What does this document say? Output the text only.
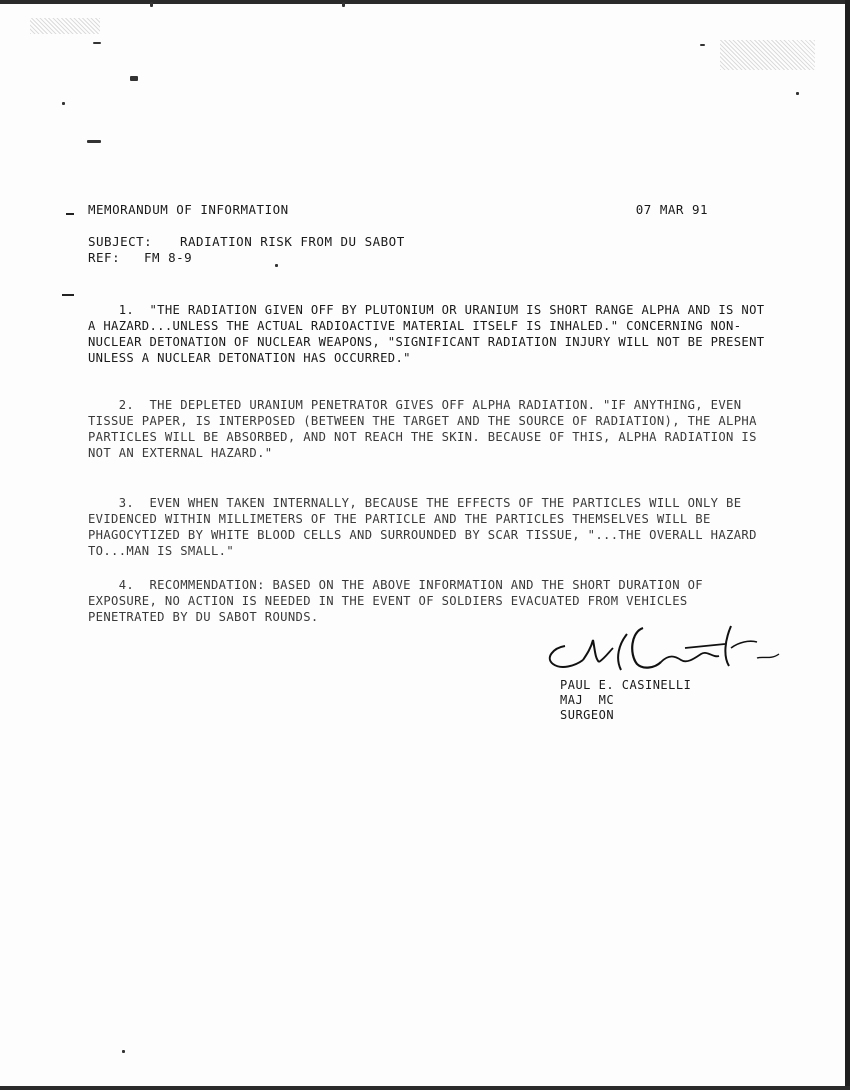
MEMORANDUM OF INFORMATION	07 MAR 91
SUBJECT: RADIATION RISK FROM DU SABOT
REF: FM 8-9

1. "THE RADIATION GIVEN OFF BY PLUTONIUM OR URANIUM IS SHORT RANGE ALPHA AND IS NOT A HAZARD...UNLESS THE ACTUAL RADIOACTIVE MATERIAL ITSELF IS INHALED." CONCERNING NON-NUCLEAR DETONATION OF NUCLEAR WEAPONS, "SIGNIFICANT RADIATION INJURY WILL NOT BE PRESENT UNLESS A NUCLEAR DETONATION HAS OCCURRED."

2. THE DEPLETED URANIUM PENETRATOR GIVES OFF ALPHA RADIATION. "IF ANYTHING, EVEN TISSUE PAPER, IS INTERPOSED (BETWEEN THE TARGET AND THE SOURCE OF RADIATION), THE ALPHA PARTICLES WILL BE ABSORBED, AND NOT REACH THE SKIN. BECAUSE OF THIS, ALPHA RADIATION IS NOT AN EXTERNAL HAZARD."

3. EVEN WHEN TAKEN INTERNALLY, BECAUSE THE EFFECTS OF THE PARTICLES WILL ONLY BE EVIDENCED WITHIN MILLIMETERS OF THE PARTICLE AND THE PARTICLES THEMSELVES WILL BE PHAGOCYTIZED BY WHITE BLOOD CELLS AND SURROUNDED BY SCAR TISSUE, "...THE OVERALL HAZARD TO...MAN IS SMALL."

4. RECOMMENDATION: BASED ON THE ABOVE INFORMATION AND THE SHORT DURATION OF EXPOSURE, NO ACTION IS NEEDED IN THE EVENT OF SOLDIERS EVACUATED FROM VEHICLES PENETRATED BY DU SABOT ROUNDS.

PAUL E. CASINELLI
MAJ  MC
SURGEON
